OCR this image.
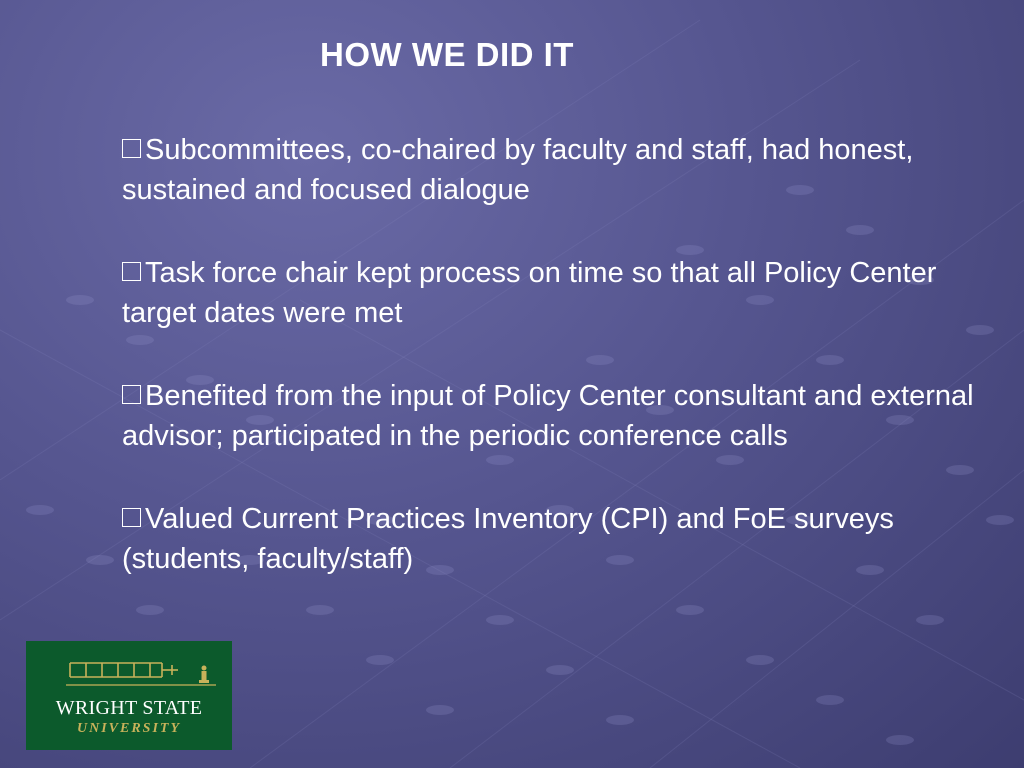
HOW WE DID IT
Subcommittees, co-chaired by faculty and staff, had honest, sustained and focused dialogue
Task force chair kept process on time so that all Policy Center target dates were met
Benefited from the input of Policy Center consultant and external advisor; participated in the periodic conference calls
Valued Current Practices Inventory (CPI) and FoE surveys (students, faculty/staff)
WRIGHT STATE
UNIVERSITY
